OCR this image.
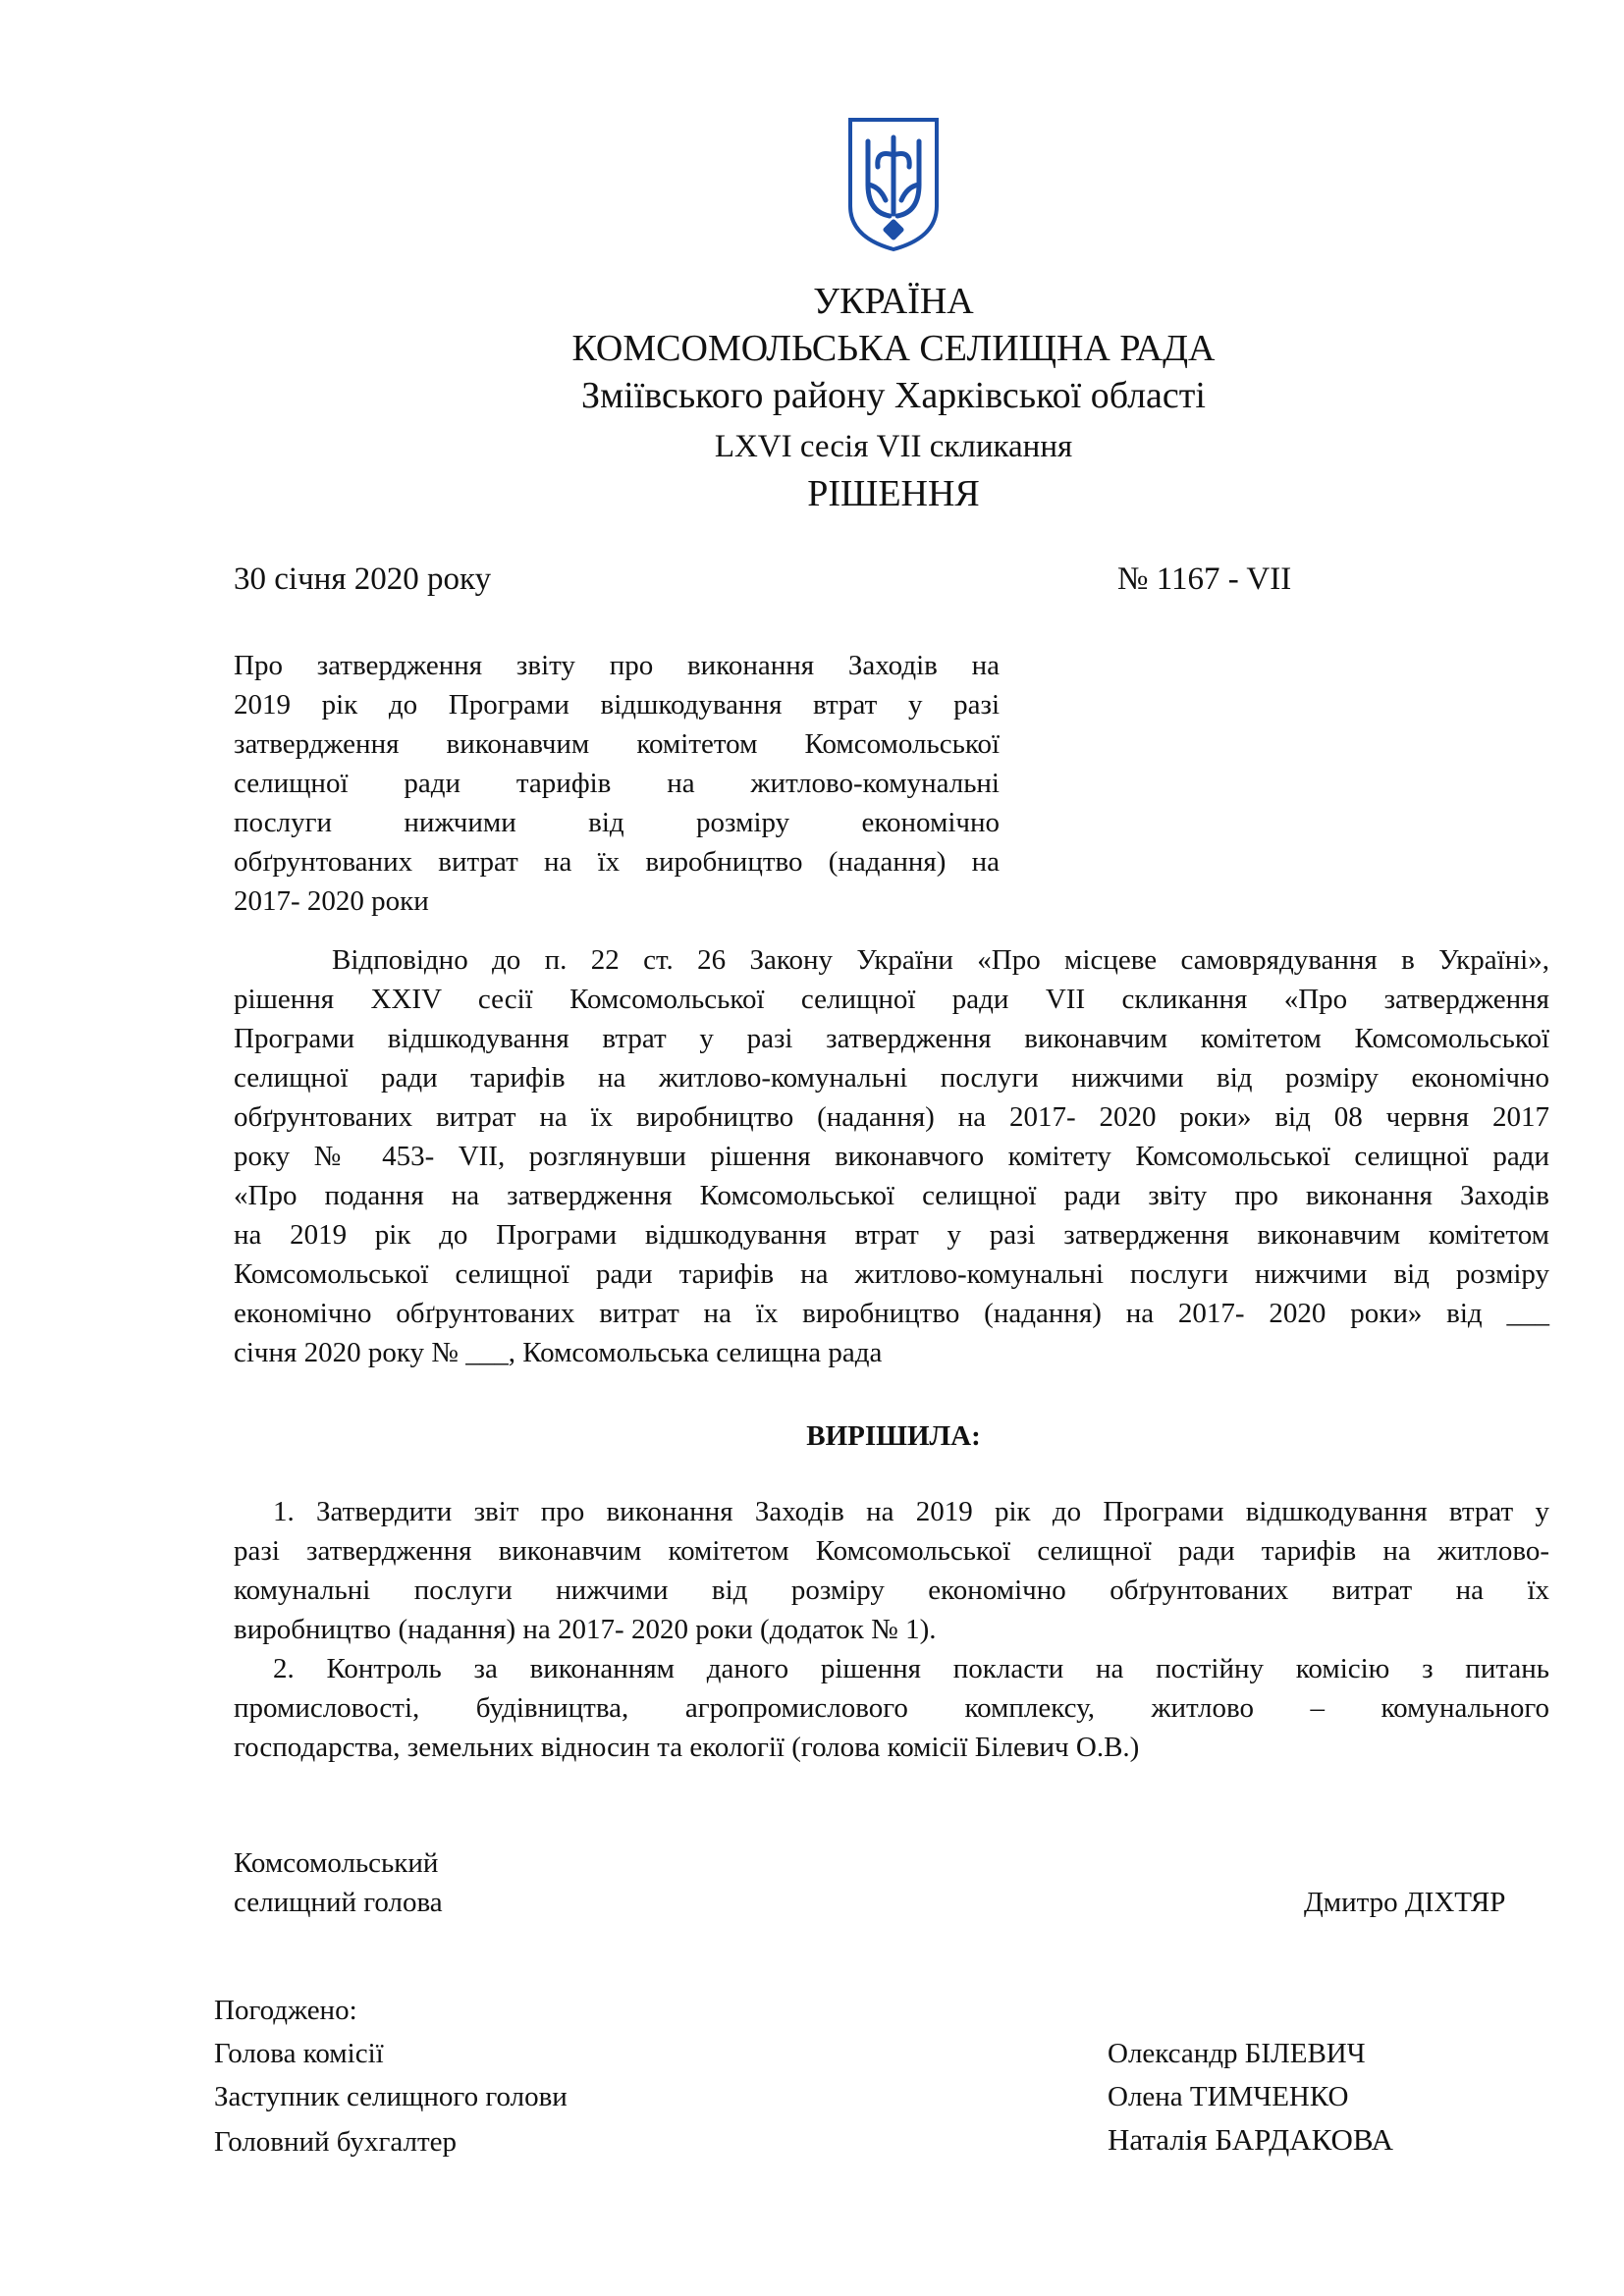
УКРАЇНА
КОМСОМОЛЬСЬКА СЕЛИЩНА РАДА
Зміївського району Харківської області
LXVI сесія VII скликання
РІШЕННЯ
30 січня 2020 року	№ 1167 - VII
Про затвердження звіту про виконання Заходів на
2019 рік до Програми відшкодування втрат у разі
затвердження виконавчим комітетом Комсомольської
селищної ради тарифів на житлово-комунальні
послуги нижчими від розміру економічно
обґрунтованих витрат на їх виробництво (надання) на
2017- 2020 роки
Відповідно до п. 22 ст. 26 Закону України «Про місцеве самоврядування в Україні»,
рішення XXIV сесії Комсомольської селищної ради VII скликання «Про затвердження
Програми відшкодування втрат у разі затвердження виконавчим комітетом Комсомольської
селищної ради тарифів на житлово-комунальні послуги нижчими від розміру економічно
обґрунтованих витрат на їх виробництво (надання) на 2017- 2020 роки» від 08 червня 2017
року № 453- VII, розглянувши рішення виконавчого комітету Комсомольської селищної ради
«Про подання на затвердження Комсомольської селищної ради звіту про виконання Заходів
на 2019 рік до Програми відшкодування втрат у разі затвердження виконавчим комітетом
Комсомольської селищної ради тарифів на житлово-комунальні послуги нижчими від розміру
економічно обґрунтованих витрат на їх виробництво (надання) на 2017- 2020 роки» від ___
січня 2020 року № ___, Комсомольська селищна рада
ВИРІШИЛА:
1. Затвердити звіт про виконання Заходів на 2019 рік до Програми відшкодування втрат у
разі затвердження виконавчим комітетом Комсомольської селищної ради тарифів на житлово-
комунальні послуги нижчими від розміру економічно обґрунтованих витрат на їх
виробництво (надання) на 2017- 2020 роки (додаток № 1).
2. Контроль за виконанням даного рішення покласти на постійну комісію з питань
промисловості, будівництва, агропромислового комплексу, житлово – комунального
господарства, земельних відносин та екології (голова комісії Білевич О.В.)
Комсомольський
селищний голова	Дмитро ДІХТЯР
Погоджено:
Голова комісії	Олександр БІЛЕВИЧ
Заступник селищного голови	Олена ТИМЧЕНКО
Головний бухгалтер	Наталія БАРДАКОВА
